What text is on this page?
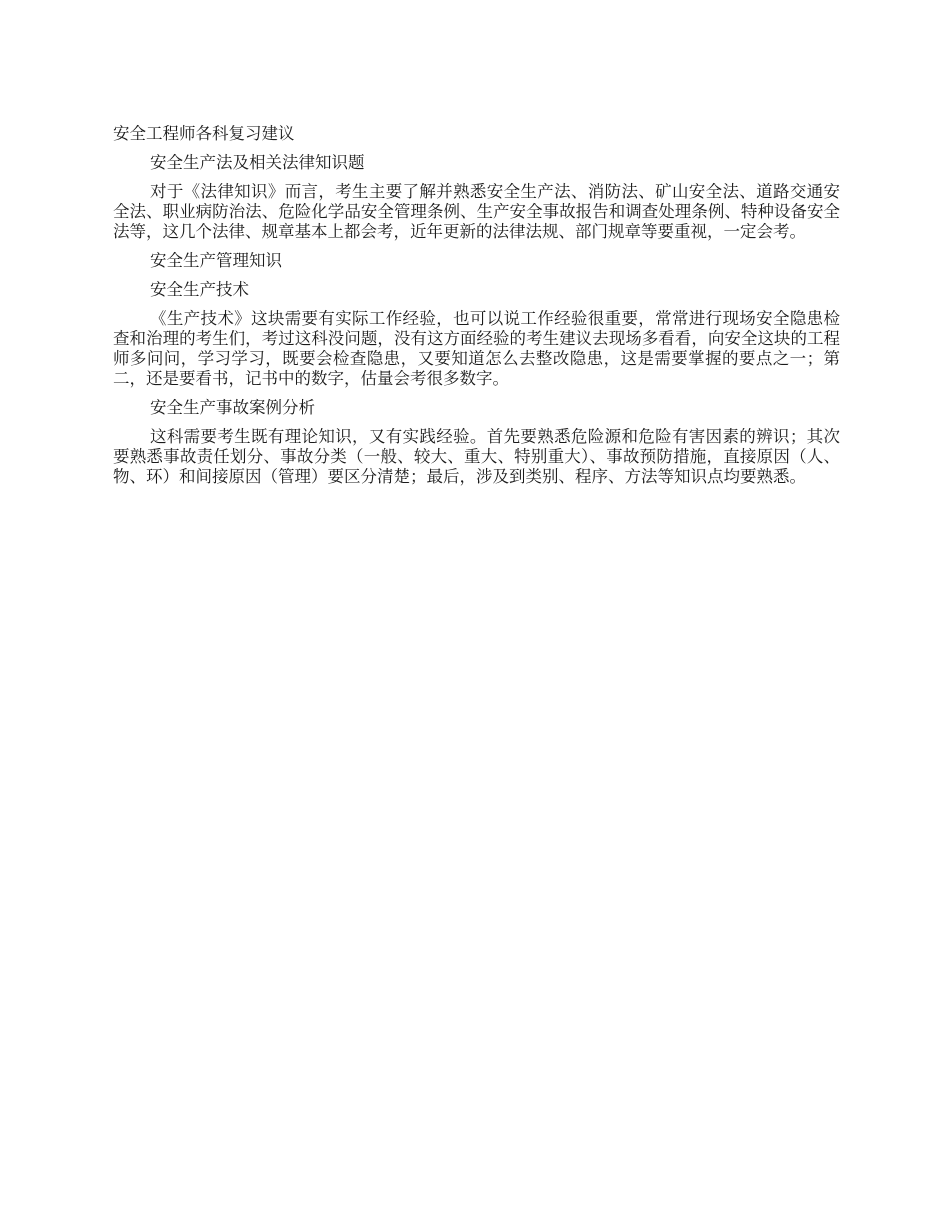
安全工程师各科复习建议

安全生产法及相关法律知识题

对于《法律知识》而言，考生主要了解并熟悉安全生产法、消防法、矿山安全法、道路交通安全法、职业病防治法、危险化学品安全管理条例、生产安全事故报告和调查处理条例、特种设备安全法等，这几个法律、规章基本上都会考，近年更新的法律法规、部门规章等要重视，一定会考。

安全生产管理知识

安全生产技术

《生产技术》这块需要有实际工作经验，也可以说工作经验很重要，常常进行现场安全隐患检查和治理的考生们，考过这科没问题，没有这方面经验的考生建议去现场多看看，向安全这块的工程师多问问，学习学习，既要会检查隐患，又要知道怎么去整改隐患，这是需要掌握的要点之一；第二，还是要看书，记书中的数字，估量会考很多数字。

安全生产事故案例分析

这科需要考生既有理论知识，又有实践经验。首先要熟悉危险源和危险有害因素的辨识；其次要熟悉事故责任划分、事故分类（一般、较大、重大、特别重大）、事故预防措施，直接原因（人、物、环）和间接原因（管理）要区分清楚；最后，涉及到类别、程序、方法等知识点均要熟悉。
